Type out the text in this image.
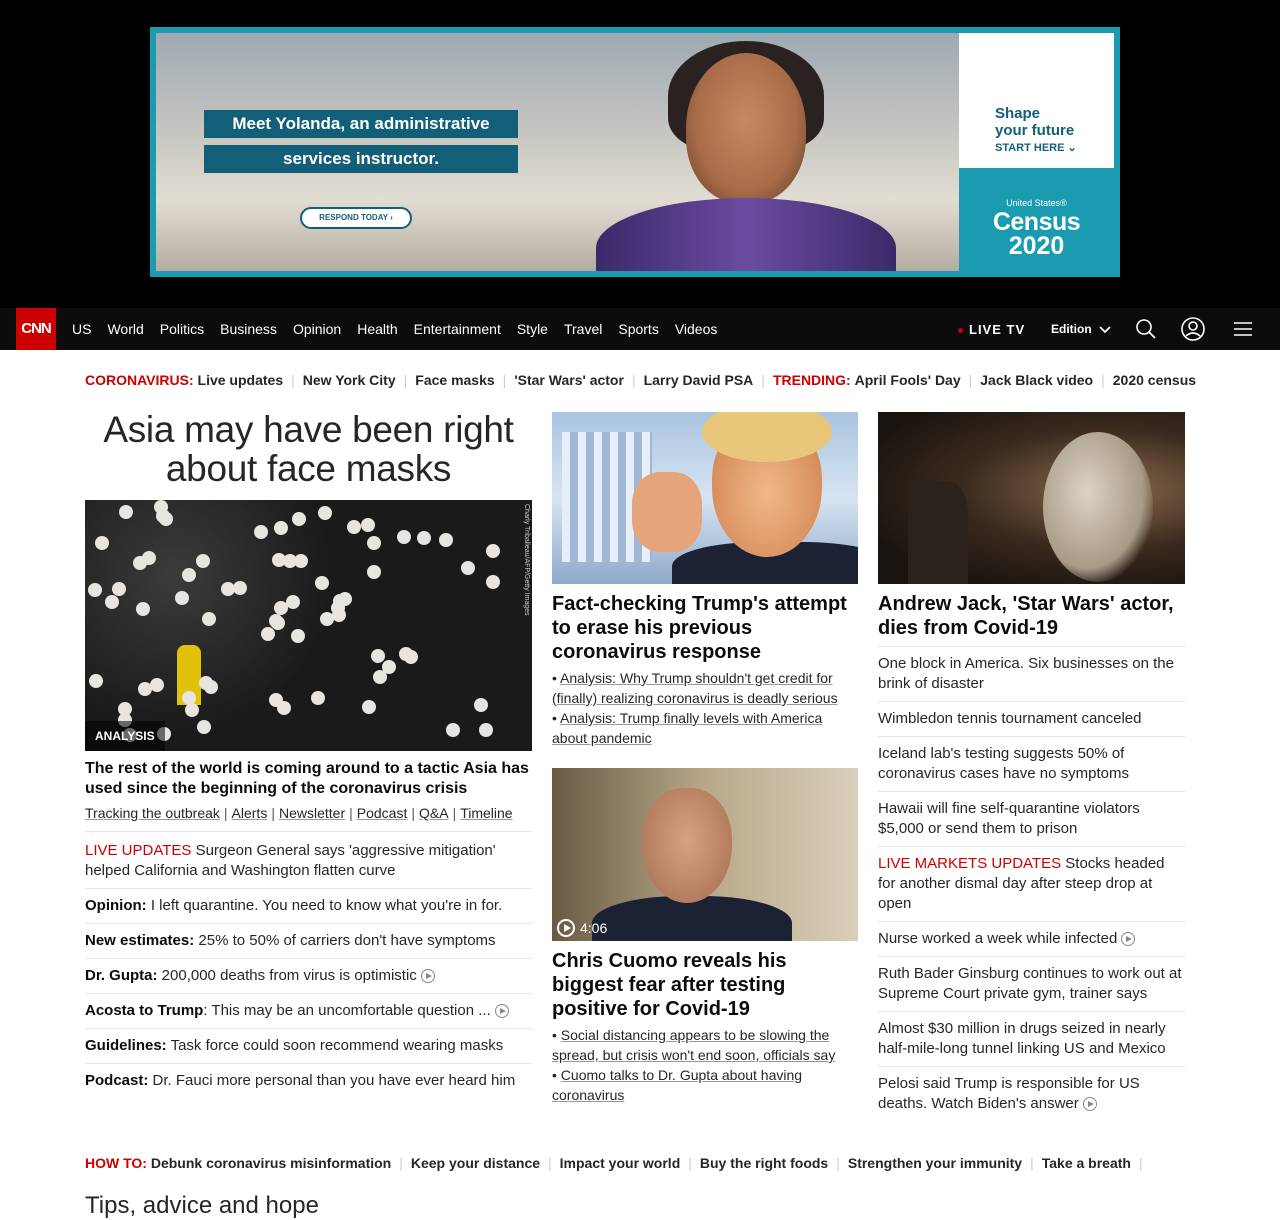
Meet Yolanda, an administrative
services instructor.
RESPOND TODAY ›
Shape
your future
START HERE ⌄
United States®
Census
2020
CNN	US World Politics Business Opinion Health Entertainment Style Travel Sports Videos	LIVE TV Edition
CORONAVIRUS:
Live updates | New York City | Face masks | 'Star Wars' actor | Larry David PSA | TRENDING:
April Fools' Day | Jack Black video | 2020 census
Asia may have been right about face masks
Charly Triballeau/AFP/Getty Images
ANALYSIS
The rest of the world is coming around to a tactic Asia has used since the beginning of the coronavirus crisis
Tracking the outbreak | Alerts | Newsletter | Podcast | Q&A | Timeline
LIVE UPDATES Surgeon General says 'aggressive mitigation' helped California and Washington flatten curve
Opinion: I left quarantine. You need to know what you're in for.
New estimates: 25% to 50% of carriers don't have symptoms
Dr. Gupta: 200,000 deaths from virus is optimistic
Acosta to Trump: This may be an uncomfortable question ...
Guidelines: Task force could soon recommend wearing masks
Podcast: Dr. Fauci more personal than you have ever heard him
Fact-checking Trump's attempt to erase his previous coronavirus response
• Analysis: Why Trump shouldn't get credit for (finally) realizing coronavirus is deadly serious
• Analysis: Trump finally levels with America about pandemic
4:06
Chris Cuomo reveals his biggest fear after testing positive for Covid-19
• Social distancing appears to be slowing the spread, but crisis won't end soon, officials say
• Cuomo talks to Dr. Gupta about having coronavirus
Andrew Jack, 'Star Wars' actor, dies from Covid-19
One block in America. Six businesses on the brink of disaster
Wimbledon tennis tournament canceled
Iceland lab's testing suggests 50% of coronavirus cases have no symptoms
Hawaii will fine self-quarantine violators $5,000 or send them to prison
LIVE MARKETS UPDATES Stocks headed for another dismal day after steep drop at open
Nurse worked a week while infected
Ruth Bader Ginsburg continues to work out at Supreme Court private gym, trainer says
Almost $30 million in drugs seized in nearly half-mile-long tunnel linking US and Mexico
Pelosi said Trump is responsible for US deaths. Watch Biden's answer
HOW TO:
Debunk coronavirus misinformation | Keep your distance | Impact your world | Buy the right foods | Strengthen your immunity | Take a breath |
Tips, advice and hope
